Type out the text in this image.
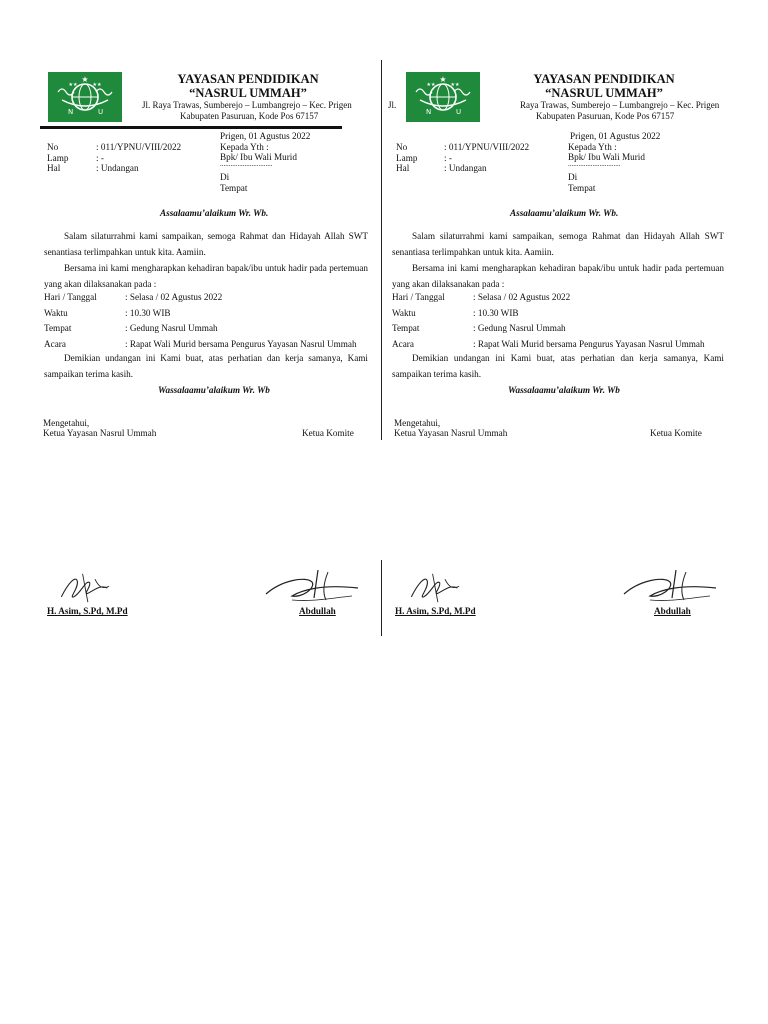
★
★★	★★
N	U
YAYASAN PENDIDIKAN
“NASRUL UMMAH”
Jl. Raya Trawas, Sumberejo – Lumbangrejo – Kec. Prigen
Kabupaten Pasuruan, Kode Pos 67157
Prigen, 01 Agustus 2022
No	: 011/YPNU/VIII/2022
Lamp	: -
Hal	: Undangan
Kepada Yth :
Bpk/ Ibu Wali Murid
..............................
Di
Tempat
Assalaamu’alaikum Wr. Wb.
Salam silaturrahmi kami sampaikan, semoga Rahmat dan Hidayah Allah SWT senantiasa terlimpahkan untuk kita. Aamiin.
Bersama ini kami mengharapkan kehadiran bapak/ibu untuk hadir pada pertemuan yang akan dilaksanakan pada :
Hari / Tanggal	: Selasa / 02 Agustus 2022
Waktu	: 10.30 WIB
Tempat	: Gedung Nasrul Ummah
Acara	: Rapat Wali Murid bersama Pengurus Yayasan Nasrul Ummah
Demikian undangan ini Kami buat, atas perhatian dan kerja samanya, Kami sampaikan terima kasih.
Wassalaamu’alaikum Wr. Wb
Mengetahui,
Ketua Yayasan Nasrul Ummah	Ketua Komite
H. Asim, S.Pd, M.Pd	Abdullah
★
★★	★★
N	U
YAYASAN PENDIDIKAN
“NASRUL UMMAH”
Jl.	Raya Trawas, Sumberejo – Lumbangrejo – Kec. Prigen
Kabupaten Pasuruan, Kode Pos 67157
Prigen, 01 Agustus 2022
No	: 011/YPNU/VIII/2022
Lamp	: -
Hal	: Undangan
Kepada Yth :
Bpk/ Ibu Wali Murid
..............................
Di
Tempat
Assalaamu’alaikum Wr. Wb.
Salam silaturrahmi kami sampaikan, semoga Rahmat dan Hidayah Allah SWT senantiasa terlimpahkan untuk kita. Aamiin.
Bersama ini kami mengharapkan kehadiran bapak/ibu untuk hadir pada pertemuan yang akan dilaksanakan pada :
Hari / Tanggal	: Selasa / 02 Agustus 2022
Waktu	: 10.30 WIB
Tempat	: Gedung Nasrul Ummah
Acara	: Rapat Wali Murid bersama Pengurus Yayasan Nasrul Ummah
Demikian undangan ini Kami buat, atas perhatian dan kerja samanya, Kami sampaikan terima kasih.
Wassalaamu’alaikum Wr. Wb
Mengetahui,
Ketua Yayasan Nasrul Ummah	Ketua Komite
H. Asim, S.Pd, M.Pd	Abdullah
